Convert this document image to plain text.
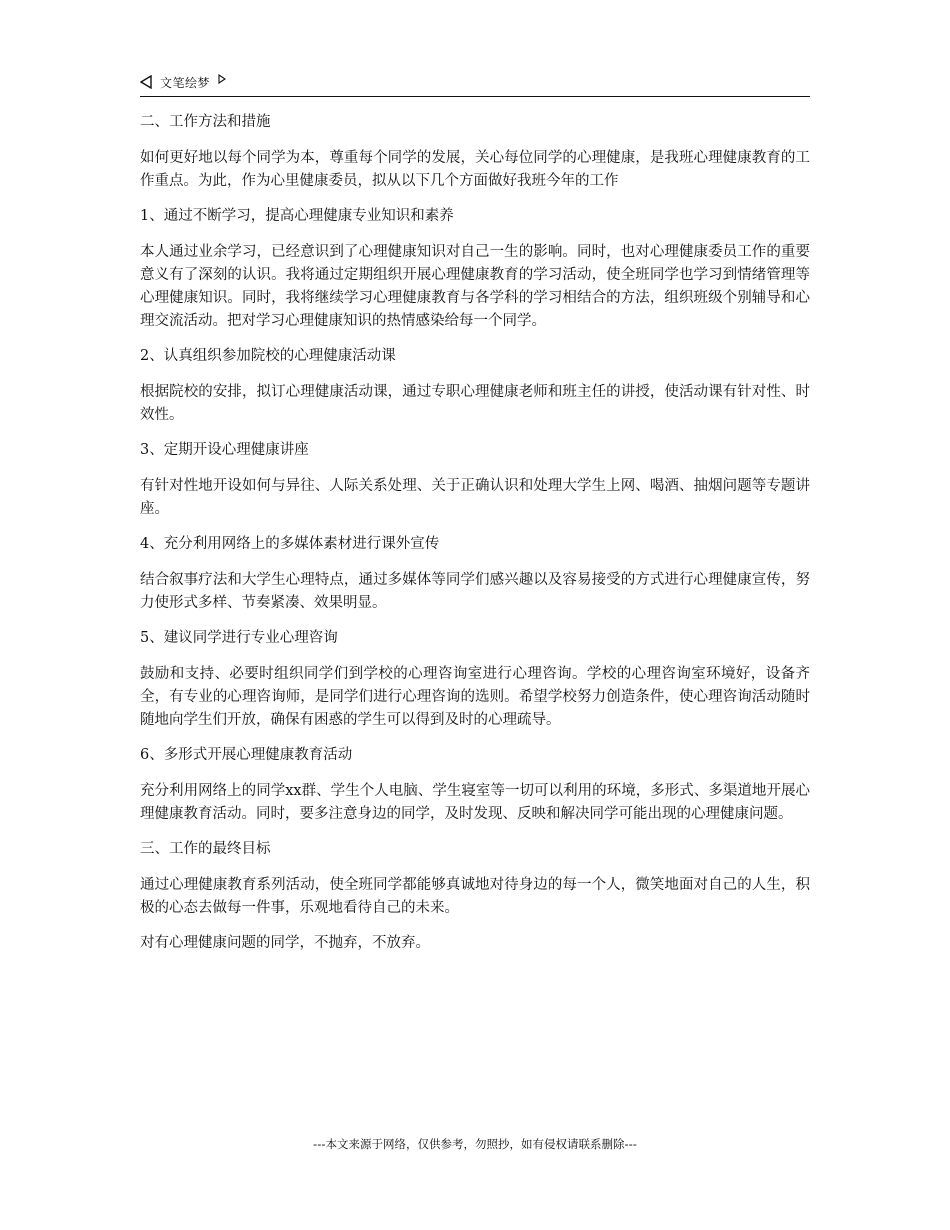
文笔绘梦

二、工作方法和措施

如何更好地以每个同学为本，尊重每个同学的发展，关心每位同学的心理健康，是我班心理健康教育的工作重点。为此，作为心里健康委员，拟从以下几个方面做好我班今年的工作

1、通过不断学习，提高心理健康专业知识和素养

本人通过业余学习，已经意识到了心理健康知识对自己一生的影响。同时，也对心理健康委员工作的重要意义有了深刻的认识。我将通过定期组织开展心理健康教育的学习活动，使全班同学也学习到情绪管理等心理健康知识。同时，我将继续学习心理健康教育与各学科的学习相结合的方法，组织班级个别辅导和心理交流活动。把对学习心理健康知识的热情感染给每一个同学。

2、认真组织参加院校的心理健康活动课

根据院校的安排，拟订心理健康活动课，通过专职心理健康老师和班主任的讲授，使活动课有针对性、时效性。

3、定期开设心理健康讲座

有针对性地开设如何与异往、人际关系处理、关于正确认识和处理大学生上网、喝酒、抽烟问题等专题讲座。

4、充分利用网络上的多媒体素材进行课外宣传

结合叙事疗法和大学生心理特点，通过多媒体等同学们感兴趣以及容易接受的方式进行心理健康宣传，努力使形式多样、节奏紧凑、效果明显。

5、建议同学进行专业心理咨询

鼓励和支持、必要时组织同学们到学校的心理咨询室进行心理咨询。学校的心理咨询室环境好，设备齐全，有专业的心理咨询师，是同学们进行心理咨询的选则。希望学校努力创造条件，使心理咨询活动随时随地向学生们开放，确保有困惑的学生可以得到及时的心理疏导。

6、多形式开展心理健康教育活动

充分利用网络上的同学xx群、学生个人电脑、学生寝室等一切可以利用的环境，多形式、多渠道地开展心理健康教育活动。同时，要多注意身边的同学，及时发现、反映和解决同学可能出现的心理健康问题。

三、工作的最终目标

通过心理健康教育系列活动，使全班同学都能够真诚地对待身边的每一个人，微笑地面对自己的人生，积极的心态去做每一件事，乐观地看待自己的未来。

对有心理健康问题的同学，不抛弃，不放弃。

---本文来源于网络，仅供参考，勿照抄，如有侵权请联系删除---
